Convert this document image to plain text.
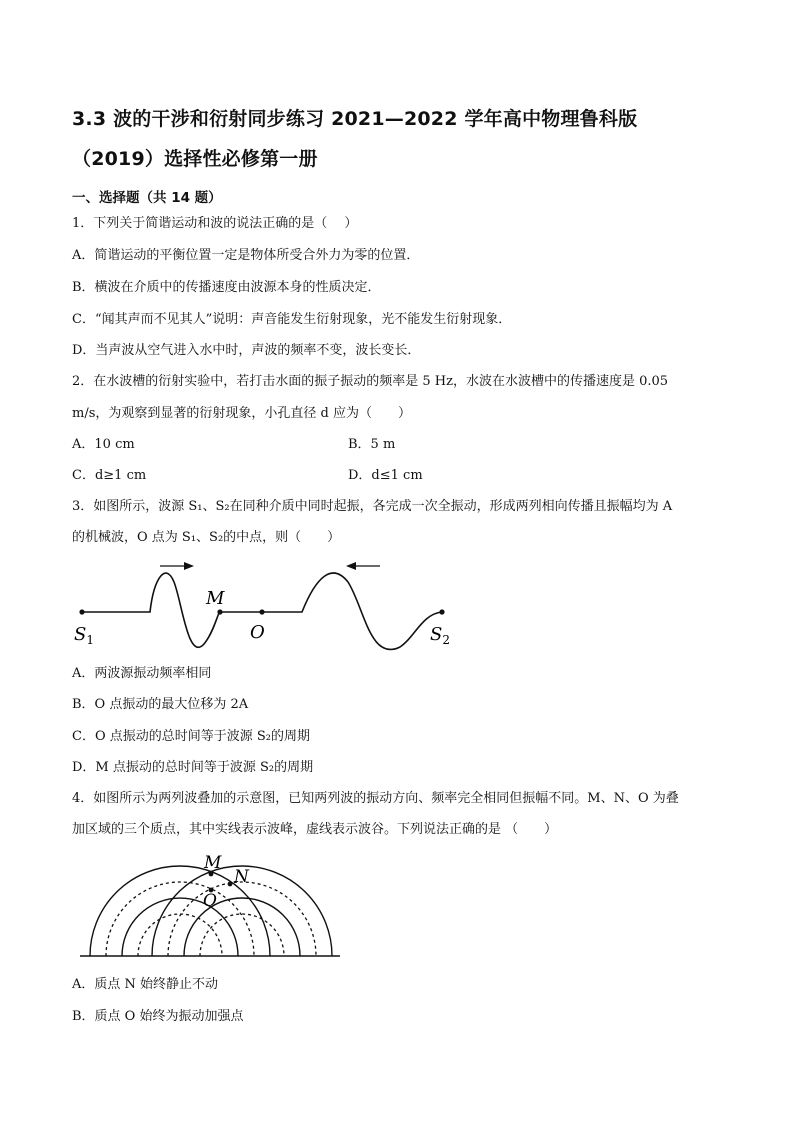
3.3 波的干涉和衍射同步练习 2021—2022 学年高中物理鲁科版
（2019）选择性必修第一册
一、选择题（共 14 题）
1．下列关于简谐运动和波的说法正确的是（　 ）
A．简谐运动的平衡位置一定是物体所受合外力为零的位置．
B．横波在介质中的传播速度由波源本身的性质决定．
C．“闻其声而不见其人”说明：声音能发生衍射现象，光不能发生衍射现象．
D．当声波从空气进入水中时，声波的频率不变，波长变长．
2．在水波槽的衍射实验中，若打击水面的振子振动的频率是 5 Hz，水波在水波槽中的传播速度是 0.05
m/s，为观察到显著的衍射现象，小孔直径 d 应为（　　）
A．10 cm	B．5 m
C．d≥1 cm	D．d≤1 cm
3．如图所示，波源 S₁、S₂在同种介质中同时起振，各完成一次全振动，形成两列相向传播且振幅均为 A
的机械波，O 点为 S₁、S₂的中点，则（　　）
$S_1$
M
O	$S_2$
A．两波源振动频率相同
B．O 点振动的最大位移为 2A
C．O 点振动的总时间等于波源 S₂的周期
D．M 点振动的总时间等于波源 S₂的周期
4．如图所示为两列波叠加的示意图，已知两列波的振动方向、频率完全相同但振幅不同。M、N、O 为叠
加区域的三个质点，其中实线表示波峰，虚线表示波谷。下列说法正确的是 （　　）
M
N
O
A．质点 N 始终静止不动
B．质点 O 始终为振动加强点
